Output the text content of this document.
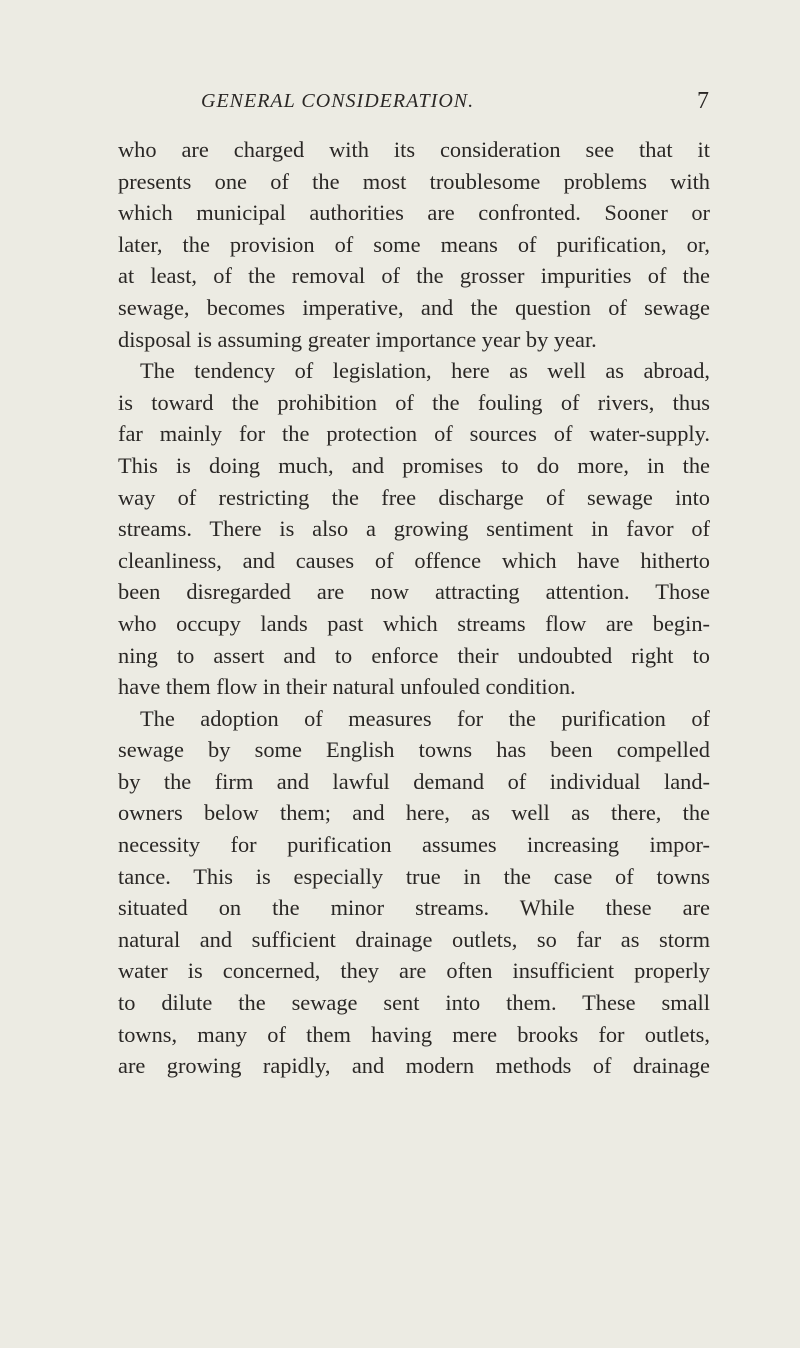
GENERAL CONSIDERATION.	7
who are charged with its consideration see that it
presents one of the most troublesome problems with
which municipal authorities are confronted. Sooner or
later, the provision of some means of purification, or,
at least, of the removal of the grosser impurities of the
sewage, becomes imperative, and the question of sewage
disposal is assuming greater importance year by year.
The tendency of legislation, here as well as abroad,
is toward the prohibition of the fouling of rivers, thus
far mainly for the protection of sources of water-supply.
This is doing much, and promises to do more, in the
way of restricting the free discharge of sewage into
streams. There is also a growing sentiment in favor of
cleanliness, and causes of offence which have hitherto
been disregarded are now attracting attention. Those
who occupy lands past which streams flow are begin-
ning to assert and to enforce their undoubted right to
have them flow in their natural unfouled condition.
The adoption of measures for the purification of
sewage by some English towns has been compelled
by the firm and lawful demand of individual land-
owners below them; and here, as well as there, the
necessity for purification assumes increasing impor-
tance. This is especially true in the case of towns
situated on the minor streams. While these are
natural and sufficient drainage outlets, so far as storm
water is concerned, they are often insufficient properly
to dilute the sewage sent into them. These small
towns, many of them having mere brooks for outlets,
are growing rapidly, and modern methods of drainage
